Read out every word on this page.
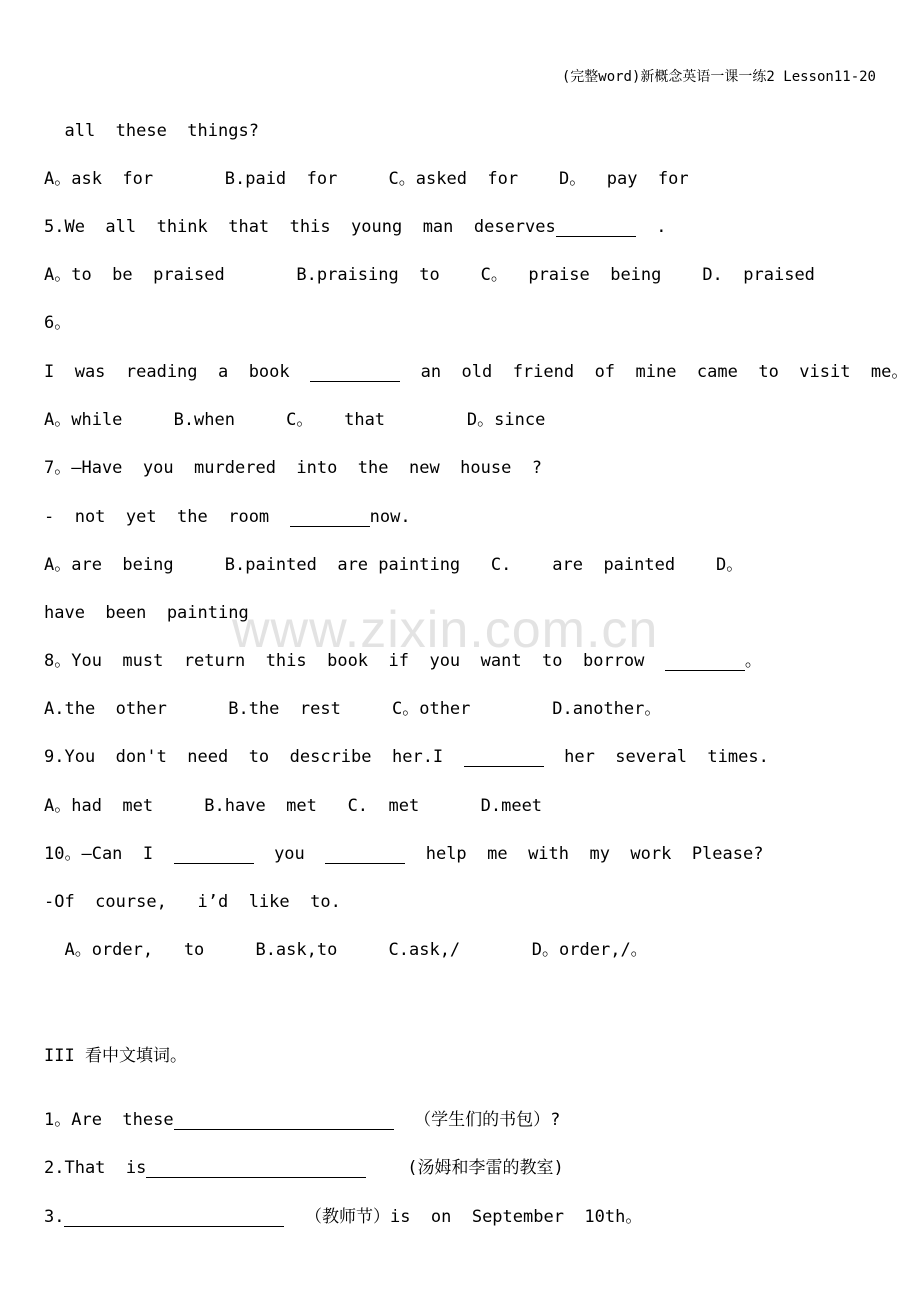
(完整word)新概念英语一课一练2 Lesson11-20
www.zixin.com.cn
all  these  things?
A。ask  for       B.paid  for     C。asked  for    D。  pay  for
5.We  all  think  that  this  young  man  deserves	.
A。to  be  praised       B.praising  to    C。  praise  being    D.  praised
6。
I  was  reading  a  book	an  old  friend  of  mine  came  to  visit  me。
A。while     B.when     C。   that        D。since
7。—Have  you  murdered  into  the  new  house  ?
-  not  yet  the  room	now.
A。are  being     B.painted  are painting   C.    are  painted    D。
have  been  painting
8。You  must  return  this  book  if  you  want  to  borrow	。
A.the  other      B.the  rest     C。other        D.another。
9.You  don't  need  to  describe  her.I	her  several  times.
A。had  met     B.have  met   C.  met      D.meet
10。—Can  I	you	help  me  with  my  work  Please?
-Of  course,   i’d  like  to.
A。order,   to     B.ask,to     C.ask,/       D。order,/。
III 看中文填词。
1。Are  these	（学生们的书包）?
2.That  is	(汤姆和李雷的教室)
3.	（教师节）is  on  September  10th。
